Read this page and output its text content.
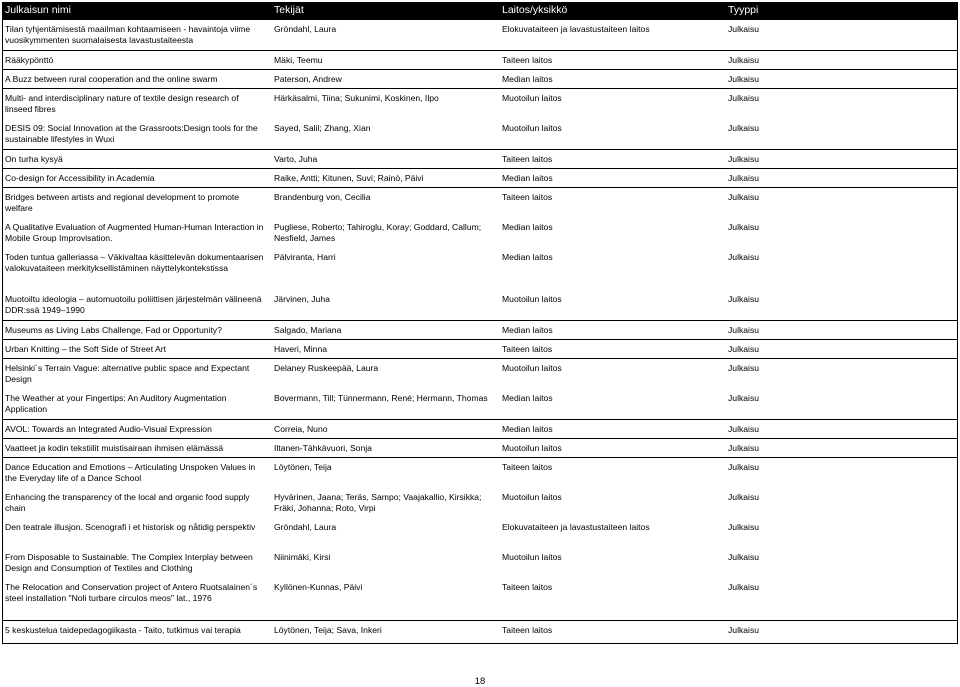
Julkaisun nimi	Tekijät	Laitos/yksikkö	Tyyppi
Tilan tyhjentämisestä maailman kohtaamiseen - havaintoja viime vuosikymmenten suomalaisesta lavastustaiteesta	Gröndahl, Laura	Elokuvataiteen ja lavastustaiteen laitos	Julkaisu
Rääkypönttö	Mäki, Teemu	Taiteen laitos	Julkaisu
A Buzz between rural cooperation and the online swarm	Paterson, Andrew	Median laitos	Julkaisu
Multi- and interdisciplinary nature of textile design research of linseed fibres	Härkäsalmi, Tiina; Sukunimi, Koskinen, Ilpo	Muotoilun laitos	Julkaisu
DESIS 09: Social Innovation at the Grassroots:Design tools for the sustainable lifestyles in Wuxi	Sayed, Salil; Zhang, Xian	Muotoilun laitos	Julkaisu
On turha kysyä	Varto, Juha	Taiteen laitos	Julkaisu
Co-design for Accessibility in Academia	Raike, Antti; Kitunen, Suvi; Rainò, Päivi	Median laitos	Julkaisu
Bridges between artists and regional development to promote welfare	Brandenburg von, Cecilia	Taiteen laitos	Julkaisu
A Qualitative Evaluation of Augmented Human-Human Interaction in Mobile Group Improvisation.	Pugliese, Roberto; Tahiroglu, Koray; Goddard, Callum; Nesfield, James	Median laitos	Julkaisu
Toden tuntua galleriassa – Väkivaltaa käsittelevän dokumentaarisen valokuvataiteen merkityksellistäminen näyttelykontekstissa	Pälviranta, Harri	Median laitos	Julkaisu
Muotoiltu ideologia – automuotoilu poliittisen järjestelmän välineenä DDR:ssä 1949–1990	Järvinen, Juha	Muotoilun laitos	Julkaisu
Museums as Living Labs Challenge, Fad or Opportunity?	Salgado, Mariana	Median laitos	Julkaisu
Urban Knitting – the Soft Side of Street Art	Haveri, Minna	Taiteen laitos	Julkaisu
Helsinki´s Terrain Vague: alternative public space and Expectant Design	Delaney Ruskeepää, Laura	Muotoilun laitos	Julkaisu
The Weather at your Fingertips: An Auditory Augmentation Application	Bovermann, Till; Tünnermann, René; Hermann, Thomas	Median laitos	Julkaisu
AVOL: Towards an Integrated Audio-Visual Expression	Correia, Nuno	Median laitos	Julkaisu
Vaatteet ja kodin tekstiilit muistisairaan ihmisen elämässä	Iltanen-Tähkävuori, Sonja	Muotoilun laitos	Julkaisu
Dance Education and Emotions – Articulating Unspoken Values in the Everyday life of a Dance School	Löytönen, Teija	Taiteen laitos	Julkaisu
Enhancing the transparency of the local and organic food supply chain	Hyvärinen, Jaana; Teräs, Sampo; Vaajakallio, Kirsikka; Fräki, Johanna; Roto, Virpi	Muotoilun laitos	Julkaisu
Den teatrale illusjon. Scenografi i et historisk og nåtidig perspektiv	Gröndahl, Laura	Elokuvataiteen ja lavastustaiteen laitos	Julkaisu
From Disposable to Sustainable. The Complex Interplay between Design and Consumption of Textiles and Clothing	Niinimäki, Kirsi	Muotoilun laitos	Julkaisu
The Relocation and Conservation project of Antero Ruotsalainen´s steel installation "Noli turbare circulos meos" lat., 1976	Kyllönen-Kunnas, Päivi	Taiteen laitos	Julkaisu
5 keskustelua taidepedagogiikasta - Taito, tutkimus vai terapia	Löytönen, Teija; Sava, Inkeri	Taiteen laitos	Julkaisu
18
